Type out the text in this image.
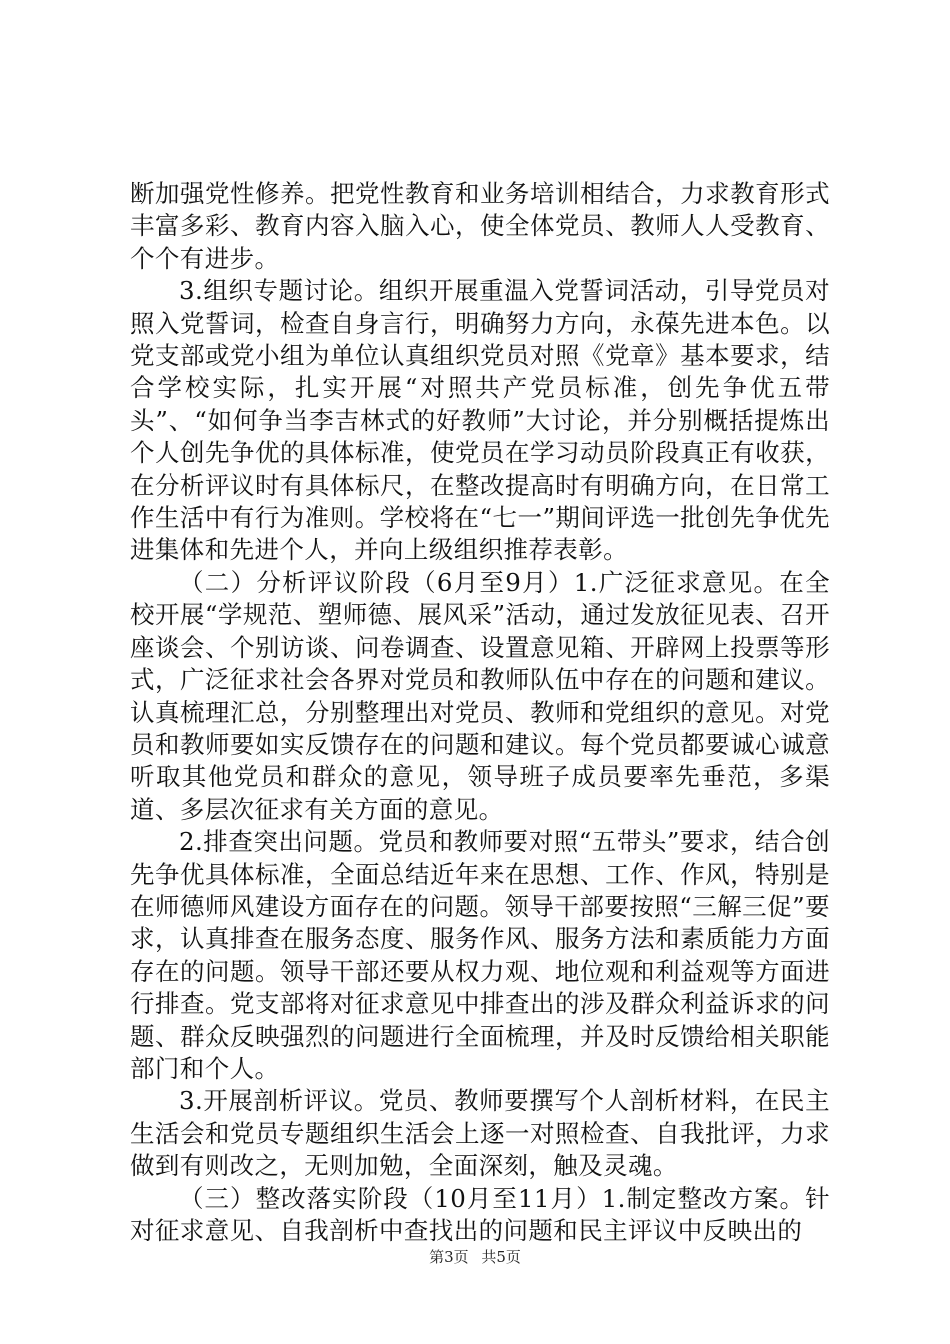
断加强党性修养。把党性教育和业务培训相结合，力求教育形式丰富多彩、教育内容入脑入心，使全体党员、教师人人受教育、个个有进步。

3.组织专题讨论。组织开展重温入党誓词活动，引导党员对照入党誓词，检查自身言行，明确努力方向，永葆先进本色。以党支部或党小组为单位认真组织党员对照《党章》基本要求，结合学校实际，扎实开展“对照共产党员标准，创先争优五带头”、“如何争当李吉林式的好教师”大讨论，并分别概括提炼出个人创先争优的具体标准，使党员在学习动员阶段真正有收获，在分析评议时有具体标尺，在整改提高时有明确方向，在日常工作生活中有行为准则。学校将在“七一”期间评选一批创先争优先进集体和先进个人，并向上级组织推荐表彰。

（二）分析评议阶段（6月至9月）1.广泛征求意见。在全校开展“学规范、塑师德、展风采”活动，通过发放征见表、召开座谈会、个别访谈、问卷调查、设置意见箱、开辟网上投票等形式，广泛征求社会各界对党员和教师队伍中存在的问题和建议。认真梳理汇总，分别整理出对党员、教师和党组织的意见。对党员和教师要如实反馈存在的问题和建议。每个党员都要诚心诚意听取其他党员和群众的意见，领导班子成员要率先垂范，多渠道、多层次征求有关方面的意见。

2.排查突出问题。党员和教师要对照“五带头”要求，结合创先争优具体标准，全面总结近年来在思想、工作、作风，特别是在师德师风建设方面存在的问题。领导干部要按照“三解三促”要求，认真排查在服务态度、服务作风、服务方法和素质能力方面存在的问题。领导干部还要从权力观、地位观和利益观等方面进行排查。党支部将对征求意见中排查出的涉及群众利益诉求的问题、群众反映强烈的问题进行全面梳理，并及时反馈给相关职能部门和个人。

3.开展剖析评议。党员、教师要撰写个人剖析材料，在民主生活会和党员专题组织生活会上逐一对照检查、自我批评，力求做到有则改之，无则加勉，全面深刻，触及灵魂。

（三）整改落实阶段（10月至11月）1.制定整改方案。针对征求意见、自我剖析中查找出的问题和民主评议中反映出的

第3页 共5页
